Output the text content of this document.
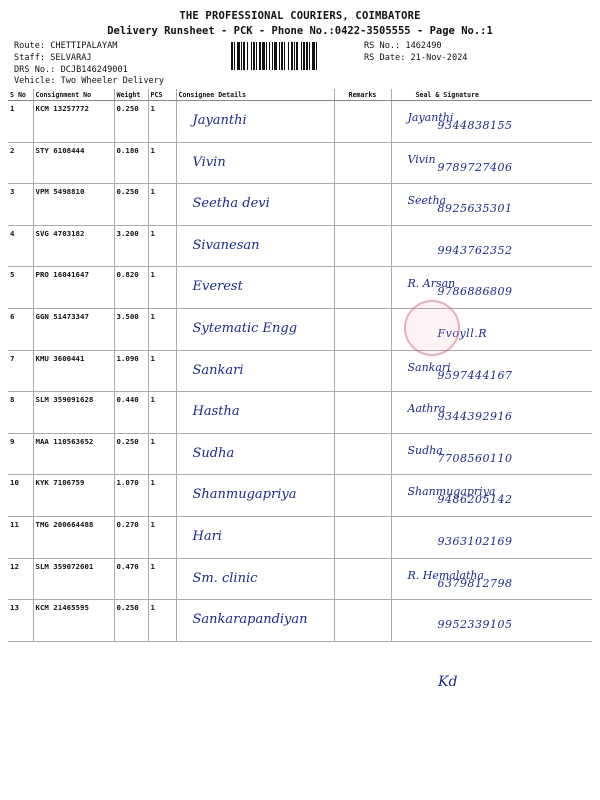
THE PROFESSIONAL COURIERS, COIMBATORE
Delivery Runsheet - PCK - Phone No.:0422-3505555 - Page No.:1
Route: CHETTIPALAYAM
Staff: SELVARAJ
DRS No.: DCJB146249001
Vehicle: Two Wheeler Delivery
RS No.: 1462490
RS Date: 21-Nov-2024
S No	Consignment No	Weight	PCS	Consignee Details	Remarks	Seal & Signature
1	KCM 13257772	0.250	1	Jayanthi		Jayanthi
9344838155

2	STY 6108444	0.180	1	Vivin		Vivin
9789727406

3	VPM 5498810	0.250	1	Seetha devi		Seetha
8925635301

4	SVG 4703182	3.200	1	Sivanesan		9943762352

5	PRO 16041647	0.820	1	Everest		R. Arsan
9786886809

6	GGN 51473347	3.500	1	Sytematic Engg		Fvoyll.R

7	KMU 3600441	1.090	1	Sankari		Sankari
9597444167

8	SLM 359091628	0.440	1	Hastha		Aathra
9344392916

9	MAA 110563652	0.250	1	Sudha		Sudha
7708560110

10	KYK 7106759	1.070	1	Shanmugapriya		Shanmugapriya
9486205142

11	TMG 200664488	0.270	1	Hari		9363102169

12	SLM 359072601	0.470	1	Sm. clinic		R. Hemalatha
6379812798

13	KCM 21465595	0.250	1	Sankarapandiyan		9952339105
Kd
